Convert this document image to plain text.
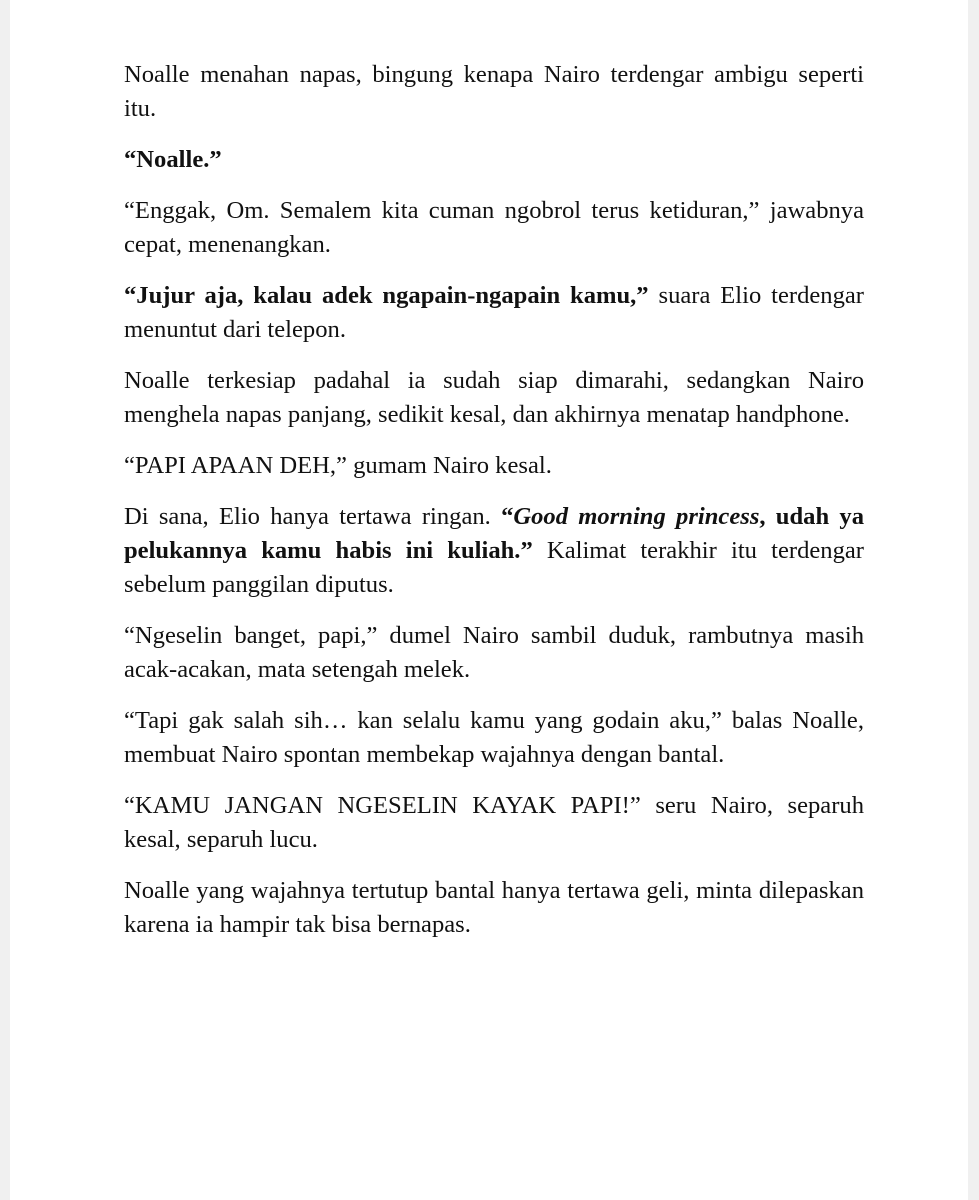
Noalle menahan napas, bingung kenapa Nairo terdengar ambigu seperti itu.

“Noalle.”

“Enggak, Om. Semalem kita cuman ngobrol terus ketiduran,” jawabnya cepat, menenangkan.

“Jujur aja, kalau adek ngapain-ngapain kamu,” suara Elio terdengar menuntut dari telepon.

Noalle terkesiap padahal ia sudah siap dimarahi, sedangkan Nairo menghela napas panjang, sedikit kesal, dan akhirnya menatap handphone.

“PAPI APAAN DEH,” gumam Nairo kesal.

Di sana, Elio hanya tertawa ringan. “Good morning princess, udah ya pelukannya kamu habis ini kuliah.” Kalimat terakhir itu terdengar sebelum panggilan diputus.

“Ngeselin banget, papi,” dumel Nairo sambil duduk, rambutnya masih acak-acakan, mata setengah melek.

“Tapi gak salah sih… kan selalu kamu yang godain aku,” balas Noalle, membuat Nairo spontan membekap wajahnya dengan bantal.

“KAMU JANGAN NGESELIN KAYAK PAPI!” seru Nairo, separuh kesal, separuh lucu.

Noalle yang wajahnya tertutup bantal hanya tertawa geli, minta dilepaskan karena ia hampir tak bisa bernapas.
